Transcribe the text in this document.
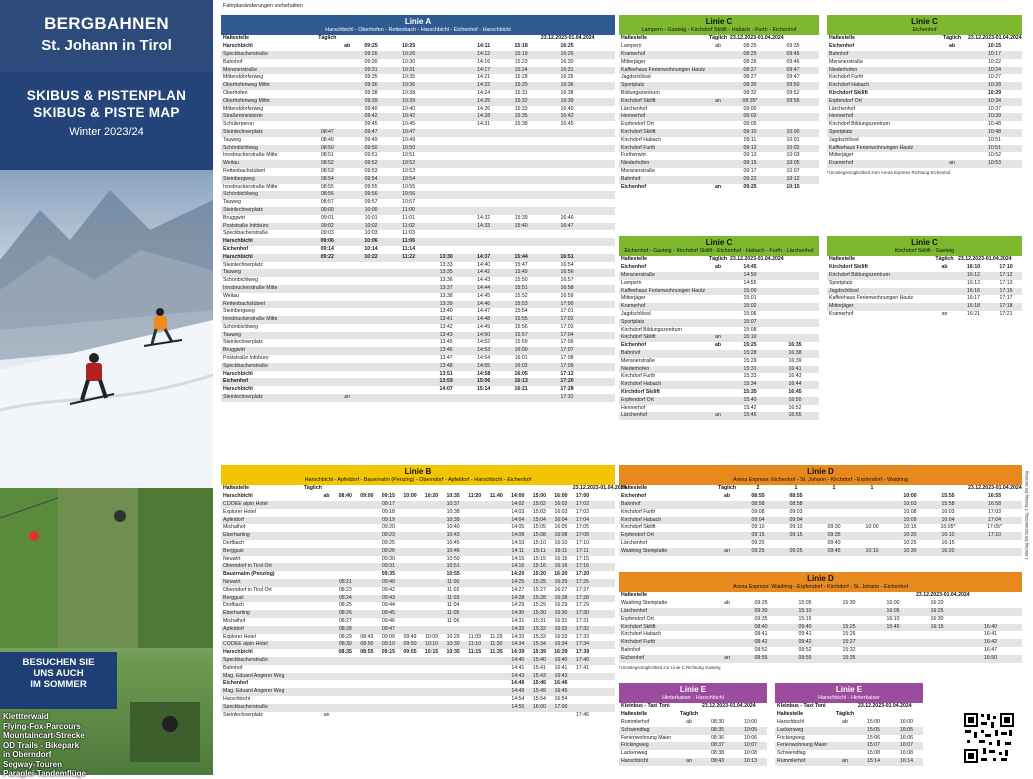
BERGBAHNEN
St. Johann in Tirol
SKIBUS & PISTENPLAN
SKIBUS & PISTE MAP
Winter 2023/24
BESUCHEN SIE
UNS AUCH
IM SOMMER
Klettterwald
Flying-Fox-Parcours
Mountaincart-Strecke
OD Trails - Bikepark
in Oberndorf
Segway-Touren
Paraglei-Tandemflüge
Fahrplanänderungen vorbehalten
Linie A
Harschbichl - Oberhofen - Rettenbach - Harschbichl - Eichenhof - Harschbichl
Haltestelle	Täglich							23.12.2023-01.04.2024	
Harschbichl		ab	09:25	10:25		14:11	15:18	16:25	
Speckbacherstraße			09:26	10:26		14:12	15:19	16:26	
Bahnhof			09:30	10:30		14:16	15:23	16:30	
Meranerstraße			09:31	10:31		14:17	15:24	16:31	
Mittenddorferweg			09:35	10:35		14:21	15:28	16:35	
Oberhofenweg Mitte			09:36	10:36		14:22	15:29	16:36	
Oberhofen			09:38	10:38		14:24	15:31	16:38	
Oberhofenweg Mitte			09:39	10:39		14:25	15:32	16:39	
Mittenddorferweg			09:40	10:40		14:26	15:33	16:40	
Straßenmeisterei			09:42	10:42		14:28	15:35	16:42	
Schülerperon			09:45	10:45		14:31	15:38	16:45	
Steinlechnerplatz	08:47		09:47	10:47					
Tauweg	08:49		09:49	10:49					
Schönbichlweg	08:50		09:50	10:50					
Innsbruckerstraße Mitte	08:51		09:51	10:51					
Weitau	08:52		09:52	10:52					
Rettenbachstüberl	08:53		09:53	10:53					
Steinbergweg	08:54		09:54	10:54					
Innsbruckerstraße Mitte	08:55		09:55	10:55					
Schönbichlweg	08:56		09:56	10:56					
Tauweg	08:57		09:57	10:57					
Steinlechnerplatz	09:00		10:00	11:00					
Bruggwirt	09:01		10:01	11:01		14:32	15:39	16:46	
Poststraße Infobüro	09:02		10:02	11:02		14:33	15:40	16:47	
Speckbacherstraße	09:03		10:03	11:03					
Harschbichl	09:06		10:06	11:06					
Eichenhof	09:14		10:14	11:14					
Harschbichl	09:22		10:22	11:22	13:30	14:37	15:44	16:51	
Steinlechnerplatz					13:33	14:40	15:47	16:54	
Tauweg					13:35	14:42	15:49	16:56	
Schönbichlweg					13:36	14:43	15:50	16:57	
Innsbruckerstraße Mitte					13:37	14:44	15:51	16:58	
Weitau					13:38	14:45	15:52	16:59	
Rettenbachstüberl					13:39	14:46	15:53	17:00	
Steinbergweg					13:40	14:47	15:54	17:01	
Innsbruckerstraße Mitte					13:41	14:48	15:55	17:02	
Schönbichlweg					13:42	14:49	15:56	17:03	
Tauweg					13:43	14:50	15:57	17:04	
Steinlechnerplatz					13:45	14:52	15:59	17:06	
Bruggwirt					13:46	14:53	16:00	17:07	
Poststraße Infobüro					13:47	14:54	16:01	17:08	
Speckbacherstraße					13:48	14:55	16:02	17:09	
Harschbichl					13:51	14:58	16:05	17:12	
Eichenhof					13:59	15:06	16:13	17:20	
Harschbichl					14:07	15:14	16:21	17:28	
Steinlechnerplatz		an						17:32	
Linie C
Lampern - Gasteig - Kirchdorf Skilift - Habach - Furth - Eichenhof
Haltestelle	Täglich	23.12.2023-01.04.2024		
Lampern	ab	08:25	09:35	
Kramerhof		08:25	09:45	
Mitterjäger		08:26	09:46	
Kaffeehaus Ferienwohnungen Hautz		08:27	09:47	
Jagdschlössl		08:27	09:47	
Sportplatz		08:30	09:50	
Bildungszentrum		08:32	09:52	
Kirchdorf Skilift	an	08:35*	09:55	
Lärchenhof		09:00		
Hennerhof		09:02		
Erpfendorf Ort		09:05		
Kirchdorf Skilift		09:10	10:00	
Kirchdorf Habach		09:11	10:01	
Kirchdorf Furth		09:12	10:02	
Furtherwirt		09:13	10:03	
Niederhofen		09:15	10:05	
Meranerstraße		09:17	10:07	
Bahnhof		09:22	10:12	
Eichenhof	an	09:25	10:15	
Linie C
Eichenhof
Haltestelle	Täglich	23.12.2023-01.04.2024
Eichenhof	ab	10:15
Bahnhof		10:17
Meranerstraße		10:22
Niederhofen		10:24
Kirchdorf Furth		10:27
Kirchdorf Habach		10:28
Kirchdorf Skilift		10:29
Erpfendorf Ort		10:34
Lärchenhof		10:37
Hennerhof		10:39
Kirchdorf Bildungszentrum		10:48
Sportplatz		10:48
Jagdschlössl		10:51
Kaffeehaus Ferienwohnungen Hautz		10:51
Mitterjäger		10:52
Kramerhof	an	10:53
*Umstiegsmöglichkeit zum Arena Express Richtung Eichenhof
Linie C
Eichenhof - Gasteig - Kirchdorf Skilift - Eichenhof - Habach - Furth - Lärchenhof
Haltestelle	Täglich	23.12.2023-01.04.2024	
Eichenhof	ab	14:45	
Meranerstraße		14:50	
Lampern		14:55	
Kaffeehaus Ferienwohnungen Hautz		15:00	
Mitterjäger		15:01	
Kramerhof		15:02	
Jagdschlössl		15:06	
Sportplatz		15:07	
Kirchdorf Bildungszentrum		15:08	
Kirchdorf Skilift	an	15:10	
Eichenhof	ab	15:25	16:35
Bahnhof		15:28	16:38
Meranerstraße		15:29	16:39
Niederhofen		15:31	16:41
Kirchdorf Furth		15:33	16:43
Kirchdorf Habach		15:34	16:44
Kirchdorf Skilift		15:35	16:45
Erpfendorf Ort		15:40	16:50
Hennerhof		15:42	16:52
Lärchenhof	an	15:45	16:55
Linie C
Kirchdorf Skilift - Gasteig
Haltestelle	Täglich	23.12.2023-01.04.2024	
Kirchdorf Skilift	ab	16:10	17:10
Kirchdorf Bildungszentrum		16:12	17:12
Sportplatz		16:13	17:13
Jagdschlössl		16:16	17:16
Kaffeehaus Ferienwohnungen Hautz		16:17	17:17
Mitterjäger		16:18	17:18
Kramerhof	an	16:21	17:21
Linie B
Harschbichl - Apfeldorf - Bauernalm (Penzing) - Oberndorf - Apfeldorf - Harschbichl - Eichenhof
Haltestelle	Täglich													23.12.2023-01.04.2024	
Harschbichl		ab	08:40	09:00	09:15	10:00	10:20	10:35	11:20	11:40	14:00	15:00	16:00	17:00	
COOEE alpin Hotel					09:17			10:37			14:02	15:02	16:02	17:02	
Explorer Hotel					09:18			10:38			14:03	15:03	16:03	17:03	
Apfeldorf					09:19			10:39			14:04	15:04	16:04	17:04	
Michalhof					09:20			10:40			14:05	15:05	16:05	17:05	
Eberharting					09:23			10:43			14:08	15:08	16:08	17:08	
Dorfbach					09:25			10:45			14:10	15:10	16:10	17:10	
Berggusl					09:26			10:46			14:11	15:11	16:11	17:11	
Neuwirt					09:30			10:50			14:15	15:15	16:15	17:15	
Oberndorf in Tirol Ort					09:31			10:51			14:16	15:16	16:16	17:16	
Bauernalm (Penzing)					09:35			10:55			14:20	15:20	16:20	17:20	
Neuwirt			08:21		09:40			11:00			14:25	15:25	16:25	17:25	
Oberndorf in Tirol Ort			08:23		09:42			11:02			14:27	15:27	16:27	17:27	
Berggusl			08:24		09:43			11:03			14:28	15:28	16:28	17:28	
Dorfbach			08:25		09:44			11:04			14:29	15:29	16:29	17:29	
Eberharting			08:26		09:45			11:05			14:30	15:30	16:30	17:30	
Michalhof			08:27		09:46			11:06			14:31	15:31	16:31	17:31	
Apfeldorf			08:28		09:47						14:32	15:32	16:32	17:32	
Explorer Hotel			08:29	08:49	09:09	09:49	10:09	10:29	11:09	11:29	14:33	15:33	16:33	17:33	
COOEE alpin Hotel			08:30	08:50	09:10	09:50	10:10	10:30	11:10	11:30	14:34	15:34	16:34	17:34	
Harschbichl			08:35	08:55	09:15	09:55	10:15	10:35	11:15	11:35	14:39	15:39	16:39	17:39	
Speckbacherstraße											14:40	15:40	16:40	17:40	
Bahnhof											14:41	15:41	16:41	17:41	
Mag. Eduard Angerer Weg											14:43	15:43	16:43		
Eichenhof											14:46	15:46	16:46		
Mag. Eduard Angerer Weg											14:49	15:49	16:49		
Harschbichl											14:54	15:54	16:54		
Speckbacherstraße											14:55	16:00	17:00		
Steinlechnerplatz		an												17:46	
Linie D
Arena Express: Eichenhof - St. Johann - Kirchdorf - Erpfendorf - Waidring
Haltestelle	Täglich	2	1	1	1			23.12.2023-01.04.2024
Eichenhof	ab	08:55	08:55			10:00	15:55	16:55
Bahnhof		08:58	08:58			10:03	15:58	16:58
Kirchdorf Furth		09:08	09:03			10:08	16:03	17:03
Kirchdorf Habach		09:04	09:04			10:09	16:04	17:04
Kirchdorf Skilift		09:10	09:10	09:30	10:00	10:15	16:05*	17:05*
Erpfendorf Ort		09:15	09:15	09:35		10:20	16:10	17:10
Lärchenhof		09:20		09:40		10:25	16:15	
Waidring Steinplatte	an	09:25	09:25	09:45	10:10	10:30	16:20	
Linie D
Arena Express: Waidring - Erpfendorf - Kirchdorf - St. Johann - Eichenhof
Haltestelle						23.12.2023-01.04.2024	
Waidring Steinplatte	ab	09:25	15:05	15:30	16:00	16:20	
Lärchenhof		09:30	15:10		16:05	16:25	
Erpfendorf Ort		09:35	15:15		16:10	16:30	
Kirchdorf Skilift		08:40	09:40	15:25	15:45	16:15	16:40
Kirchdorf Habach		08:41	09:41	15:26			16:41
Kirchdorf Furth		08:42	09:42	15:27			16:42
Bahnhof		08:52	09:52	15:32			16:47
Eichenhof	an	08:55	09:55	15:35			16:50
*Umstiegsmöglichkeit zur Linie C Richtung Gasteig
Linie E
Hinterkaiser - Harschbichl
Kleinbus - Taxi Toni		23.12.2023-01.04.2024	
Haltestelle	Täglich		
Rummlerhof	ab	08:30	10:00
Schwendtag		08:35	10:05
Ferienwohnung Maier		08:36	10:06
Frickingweg		08:37	10:07
Lackenweg		08:38	10:08
Harschbichl	an	08:43	10:13
Linie E
Harschbichl - Hinterkaiser
Kleinbus - Taxi Toni		23.12.2023-01.04.2024	
Haltestelle	Täglich		
Harschbichl	ab	15:00	16:00
Lackenweg		15:05	16:05
Frickingweg		15:06	16:06
Ferienwohnung Maier		15:07	16:07
Schwendtag		15:08	16:08
Rummlerhof	an	15:14	16:14
1 Montag bis Donnerstag, 2 Freitag bis Sonntag
